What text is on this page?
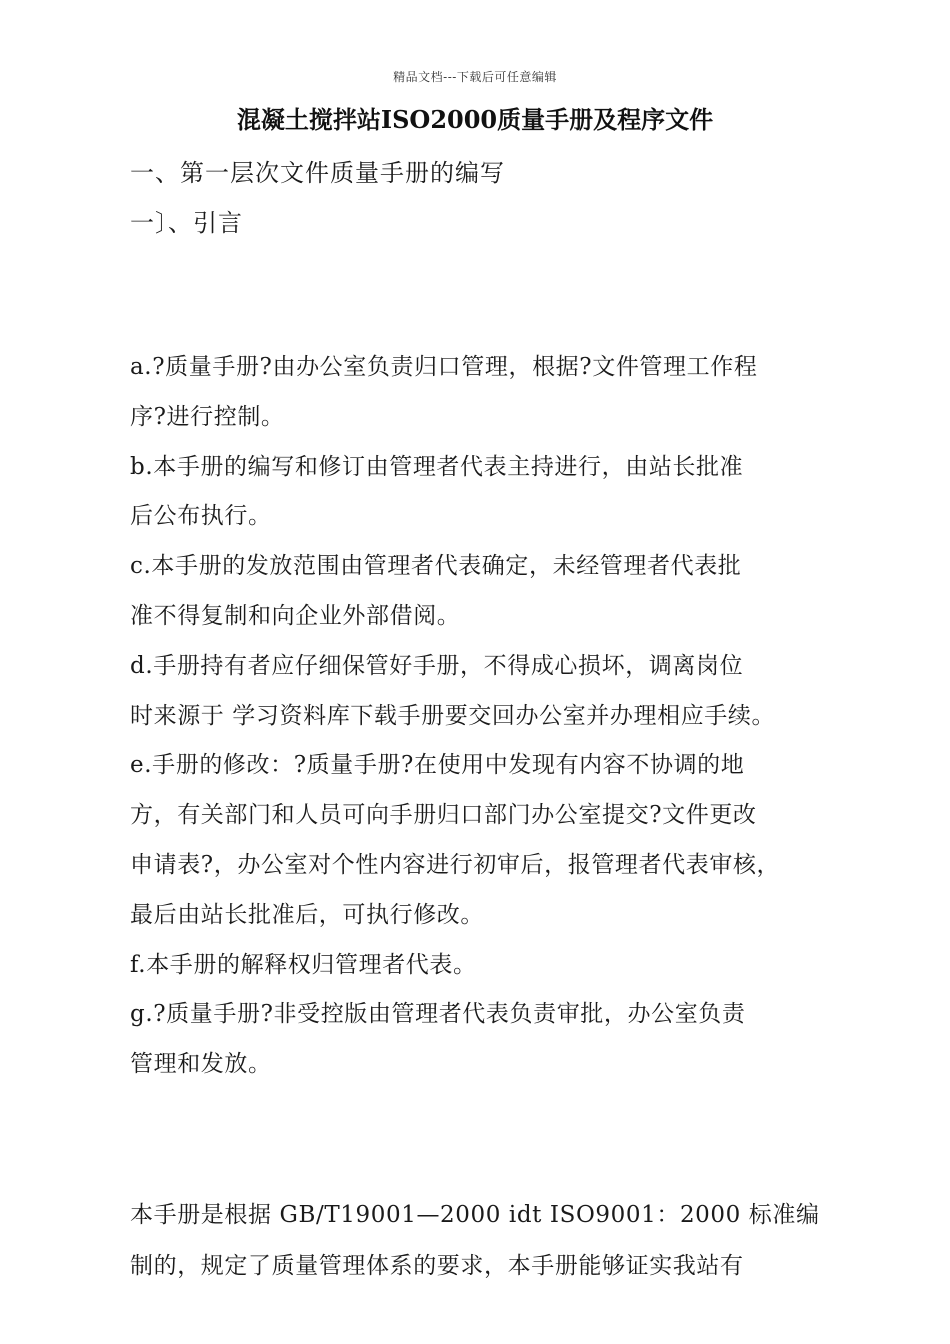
精品文档---下载后可任意编辑
混凝土搅拌站ISO2000质量手册及程序文件
一、第一层次文件质量手册的编写
一〕、引言
a.?质量手册?由办公室负责归口管理，根据?文件管理工作程
序?进行控制。
b.本手册的编写和修订由管理者代表主持进行，由站长批准
后公布执行。
c.本手册的发放范围由管理者代表确定，未经管理者代表批
准不得复制和向企业外部借阅。
d.手册持有者应仔细保管好手册，不得成心损坏，调离岗位
时来源于 学习资料库下载手册要交回办公室并办理相应手续。
e.手册的修改：?质量手册?在使用中发现有内容不协调的地
方，有关部门和人员可向手册归口部门办公室提交?文件更改
申请表?，办公室对个性内容进行初审后，报管理者代表审核，
最后由站长批准后，可执行修改。
f.本手册的解释权归管理者代表。
g.?质量手册?非受控版由管理者代表负责审批，办公室负责
管理和发放。
本手册是根据 GB/T19001—2000 idt ISO9001：2000 标准编
制的，规定了质量管理体系的要求，本手册能够证实我站有
